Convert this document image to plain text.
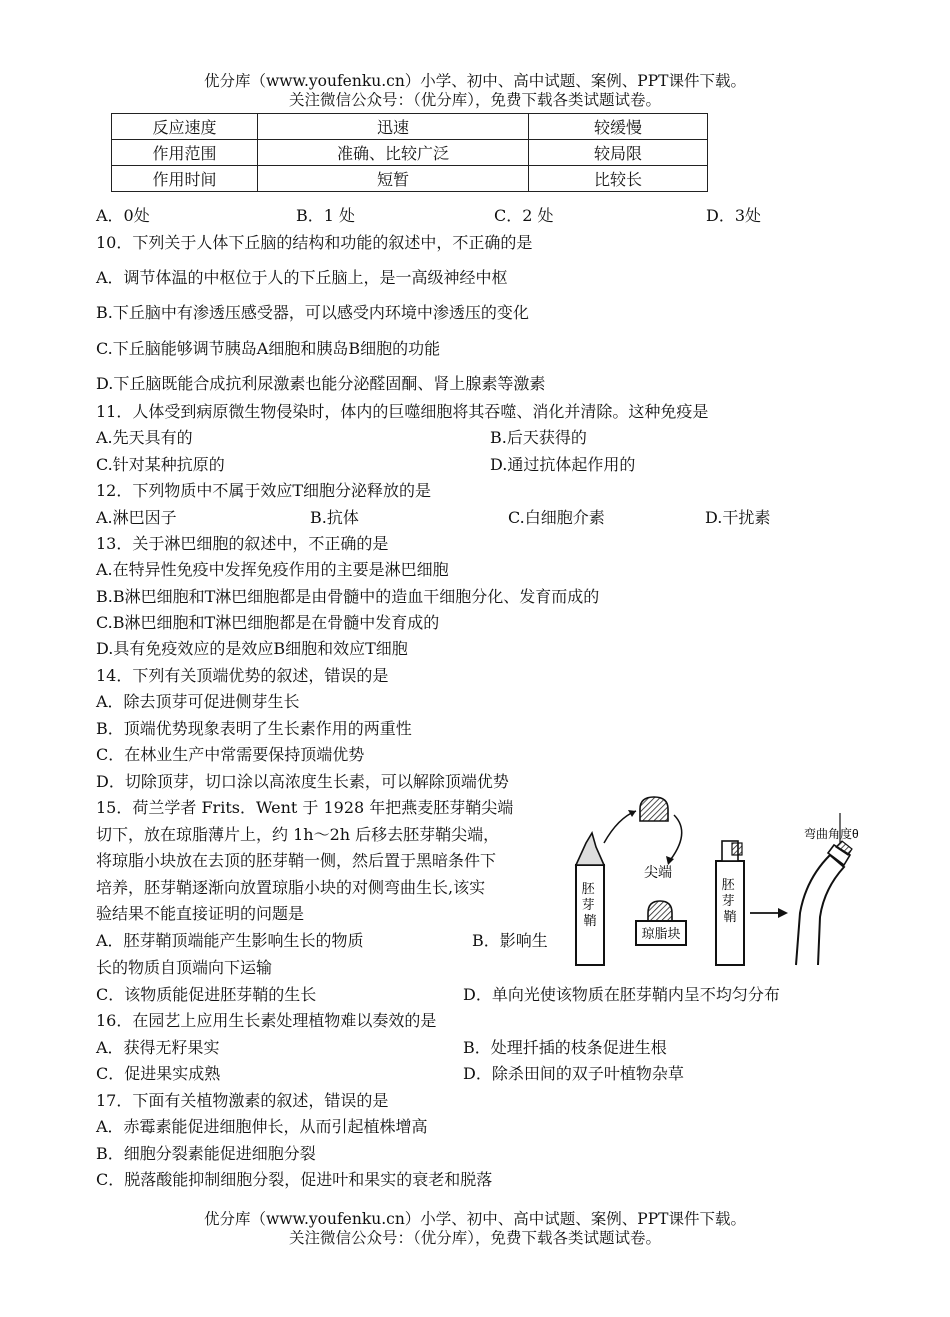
优分库（www.youfenku.cn）小学、初中、高中试题、案例、PPT课件下载。
关注微信公众号：（优分库），免费下载各类试题试卷。
反应速度	迅速	较缓慢
作用范围	准确、比较广泛	较局限
作用时间	短暂	比较长
A．0处	B．1 处	C．2 处	D．3处
10．下列关于人体下丘脑的结构和功能的叙述中，不正确的是
A．调节体温的中枢位于人的下丘脑上，是一高级神经中枢
B.下丘脑中有渗透压感受器，可以感受内环境中渗透压的变化
C.下丘脑能够调节胰岛A细胞和胰岛B细胞的功能
D.下丘脑既能合成抗利尿激素也能分泌醛固酮、肾上腺素等激素
11．人体受到病原微生物侵染时，体内的巨噬细胞将其吞噬、消化并清除。这种免疫是
A.先天具有的	B.后天获得的
C.针对某种抗原的	D.通过抗体起作用的
12．下列物质中不属于效应T细胞分泌释放的是
A.淋巴因子	B.抗体	C.白细胞介素	D.干扰素
13．关于淋巴细胞的叙述中，不正确的是
A.在特异性免疫中发挥免疫作用的主要是淋巴细胞
B.B淋巴细胞和T淋巴细胞都是由骨髓中的造血干细胞分化、发育而成的
C.B淋巴细胞和T淋巴细胞都是在骨髓中发育成的
D.具有免疫效应的是效应B细胞和效应T细胞
14．下列有关顶端优势的叙述，错误的是
A．除去顶芽可促进侧芽生长
B．顶端优势现象表明了生长素作用的两重性
C．在林业生产中常需要保持顶端优势
D．切除顶芽，切口涂以高浓度生长素，可以解除顶端优势
15．荷兰学者 Frits．Went 于 1928 年把燕麦胚芽鞘尖端
切下，放在琼脂薄片上，约 1h～2h 后移去胚芽鞘尖端，
将琼脂小块放在去顶的胚芽鞘一侧，然后置于黑暗条件下
培养，胚芽鞘逐渐向放置琼脂小块的对侧弯曲生长,该实
验结果不能直接证明的问题是
A．胚芽鞘顶端能产生影响生长的物质	B．影响生
长的物质自顶端向下运输
C．该物质能促进胚芽鞘的生长	D．单向光使该物质在胚芽鞘内呈不均匀分布
胚 芽 鞘
尖端
琼脂块
胚 芽 鞘
弯曲角度θ
16．在园艺上应用生长素处理植物难以奏效的是
A．获得无籽果实	B．处理扦插的枝条促进生根
C．促进果实成熟	D．除杀田间的双子叶植物杂草
17．下面有关植物激素的叙述，错误的是
A．赤霉素能促进细胞伸长，从而引起植株增高
B．细胞分裂素能促进细胞分裂
C．脱落酸能抑制细胞分裂，促进叶和果实的衰老和脱落
优分库（www.youfenku.cn）小学、初中、高中试题、案例、PPT课件下载。
关注微信公众号：（优分库），免费下载各类试题试卷。
